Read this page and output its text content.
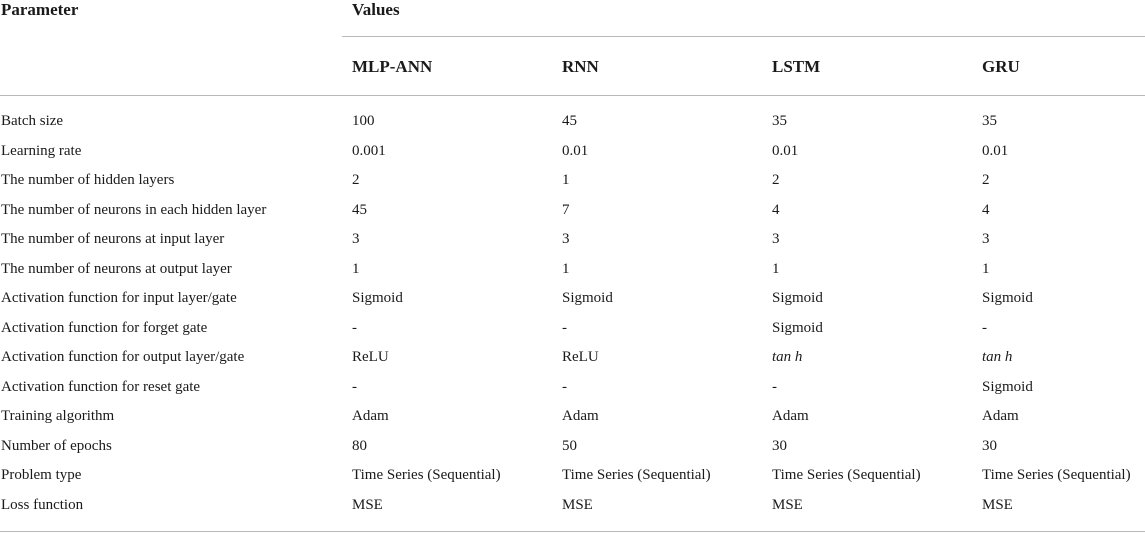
Parameter	Values
MLP-ANN	RNN	LSTM	GRU
Batch size	100	45	35	35
Learning rate	0.001	0.01	0.01	0.01
The number of hidden layers	2	1	2	2
The number of neurons in each hidden layer	45	7	4	4
The number of neurons at input layer	3	3	3	3
The number of neurons at output layer	1	1	1	1
Activation function for input layer/gate	Sigmoid	Sigmoid	Sigmoid	Sigmoid
Activation function for forget gate	-	-	Sigmoid	-
Activation function for output layer/gate	ReLU	ReLU	tan h	tan h
Activation function for reset gate	-	-	-	Sigmoid
Training algorithm	Adam	Adam	Adam	Adam
Number of epochs	80	50	30	30
Problem type	Time Series (Sequential)	Time Series (Sequential)	Time Series (Sequential)	Time Series (Sequential)
Loss function	MSE	MSE	MSE	MSE
